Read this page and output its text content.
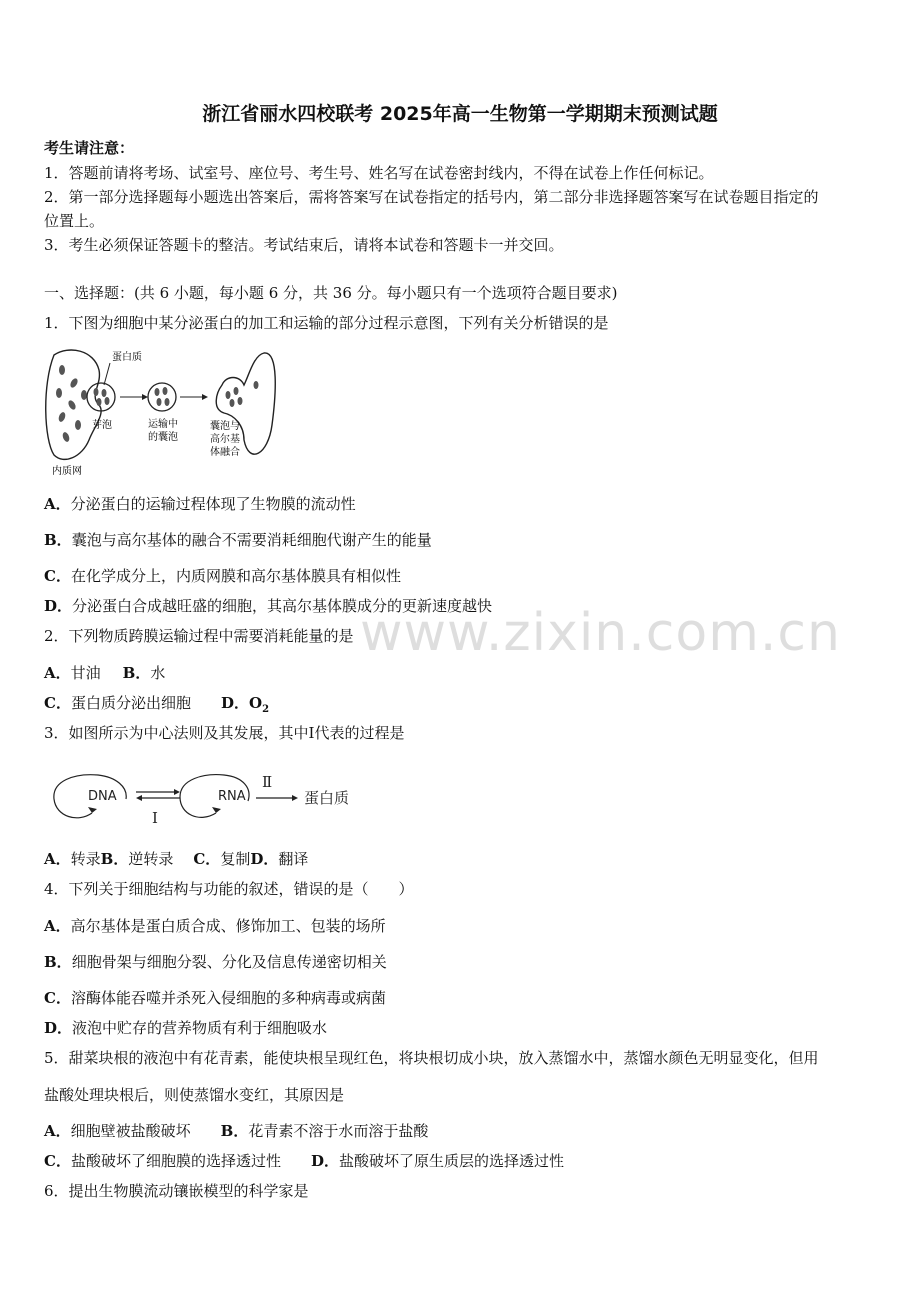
浙江省丽水四校联考 2025年高一生物第一学期期末预测试题
考生请注意：
1．答题前请将考场、试室号、座位号、考生号、姓名写在试卷密封线内，不得在试卷上作任何标记。
2．第一部分选择题每小题选出答案后，需将答案写在试卷指定的括号内，第二部分非选择题答案写在试卷题目指定的
位置上。
3．考生必须保证答题卡的整洁。考试结束后，请将本试卷和答题卡一并交回。
一、选择题：(共 6 小题，每小题 6 分，共 36 分。每小题只有一个选项符合题目要求)
1．下图为细胞中某分泌蛋白的加工和运输的部分过程示意图，下列有关分析错误的是
蛋白质
芽泡	运输中
的囊泡
囊泡与
高尔基
体融合
内质网
A．分泌蛋白的运输过程体现了生物膜的流动性
B．囊泡与高尔基体的融合不需要消耗细胞代谢产生的能量
C．在化学成分上，内质网膜和高尔基体膜具有相似性
D．分泌蛋白合成越旺盛的细胞，其高尔基体膜成分的更新速度越快
www.zixin.com.cn
2．下列物质跨膜运输过程中需要消耗能量的是
A．甘油 B．水
C．蛋白质分泌出细胞 D．$O_2$
3．如图所示为中心法则及其发展，其中Ⅰ代表的过程是
DNA
Ⅰ
RNA
Ⅱ
蛋白质
A．转录B．逆转录 C．复制D．翻译
4．下列关于细胞结构与功能的叙述，错误的是（　　）
A．高尔基体是蛋白质合成、修饰加工、包装的场所
B．细胞骨架与细胞分裂、分化及信息传递密切相关
C．溶酶体能吞噬并杀死入侵细胞的多种病毒或病菌
D．液泡中贮存的营养物质有利于细胞吸水
5．甜菜块根的液泡中有花青素，能使块根呈现红色，将块根切成小块，放入蒸馏水中，蒸馏水颜色无明显变化，但用
盐酸处理块根后，则使蒸馏水变红，其原因是
A．细胞壁被盐酸破坏 B．花青素不溶于水而溶于盐酸
C．盐酸破坏了细胞膜的选择透过性 D．盐酸破坏了原生质层的选择透过性
6．提出生物膜流动镶嵌模型的科学家是
